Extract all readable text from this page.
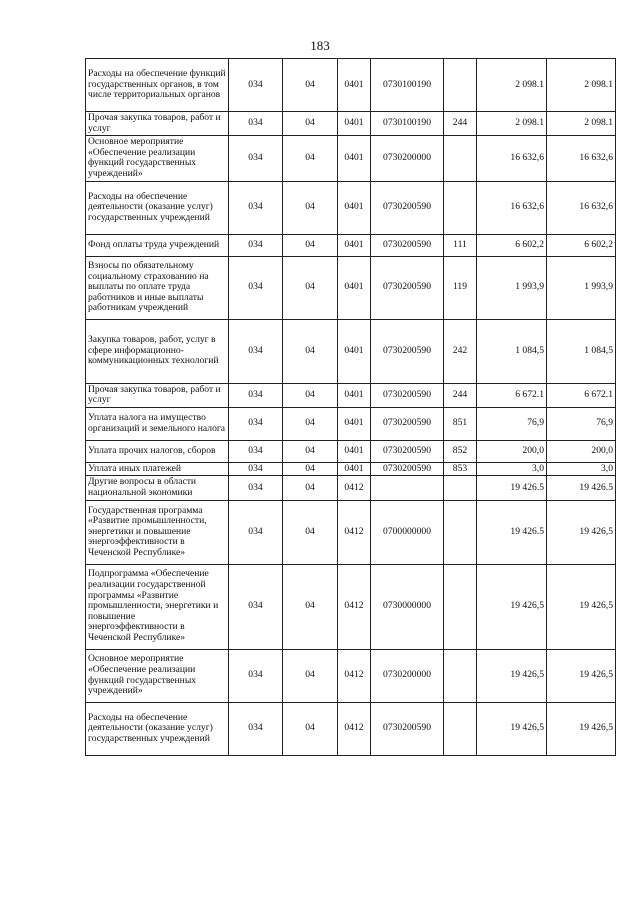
183
Расходы на обеспечение функций государственных органов, в том числе территориальных органов	034	04	0401	0730100190		2 098.1	2 098.1
Прочая закупка товаров, работ и услуг	034	04	0401	0730100190	244	2 098.1	2 098.1
Основное мероприятие «Обеспечение реализации функций государственных учреждений»	034	04	0401	0730200000		16 632,6	16 632,6
Расходы на обеспечение деятельности (оказание услуг) государственных учреждений	034	04	0401	0730200590		16 632,6	16 632,6
Фонд оплаты труда учреждений	034	04	0401	0730200590	111	6 602,2	6 602,2
Взносы по обязательному социальному страхованию на выплаты по оплате труда работников и иные выплаты работникам учреждений	034	04	0401	0730200590	119	1 993,9	1 993,9
Закупка товаров, работ, услуг в сфере информационно-коммуникационных технологий	034	04	0401	0730200590	242	1 084,5	1 084,5
Прочая закупка товаров, работ и услуг	034	04	0401	0730200590	244	6 672.1	6 672.1
Уплата налога на имущество организаций и земельного налога	034	04	0401	0730200590	851	76,9	76,9
Уплата прочих налогов, сборов	034	04	0401	0730200590	852	200,0	200,0
Уплата иных платежей	034	04	0401	0730200590	853	3,0	3,0
Другие вопросы в области национальной экономики	034	04	0412			19 426.5	19 426.5
Государственная программа «Развитие промышленности, энергетики и повышение энергоэффективности в Чеченской Республике»	034	04	0412	0700000000		19 426.5	19 426,5
Подпрограмма «Обеспечение реализации государственной программы «Развитие промышленности, энергетики и повышение энергоэффективности в Чеченской Республике»	034	04	0412	0730000000		19 426,5	19 426,5
Основное мероприятие «Обеспечение реализации функций государственных учреждений»	034	04	0412	0730200000		19 426,5	19 426,5
Расходы на обеспечение деятельности (оказание услуг) государственных учреждений	034	04	0412	0730200590		19 426,5	19 426,5
